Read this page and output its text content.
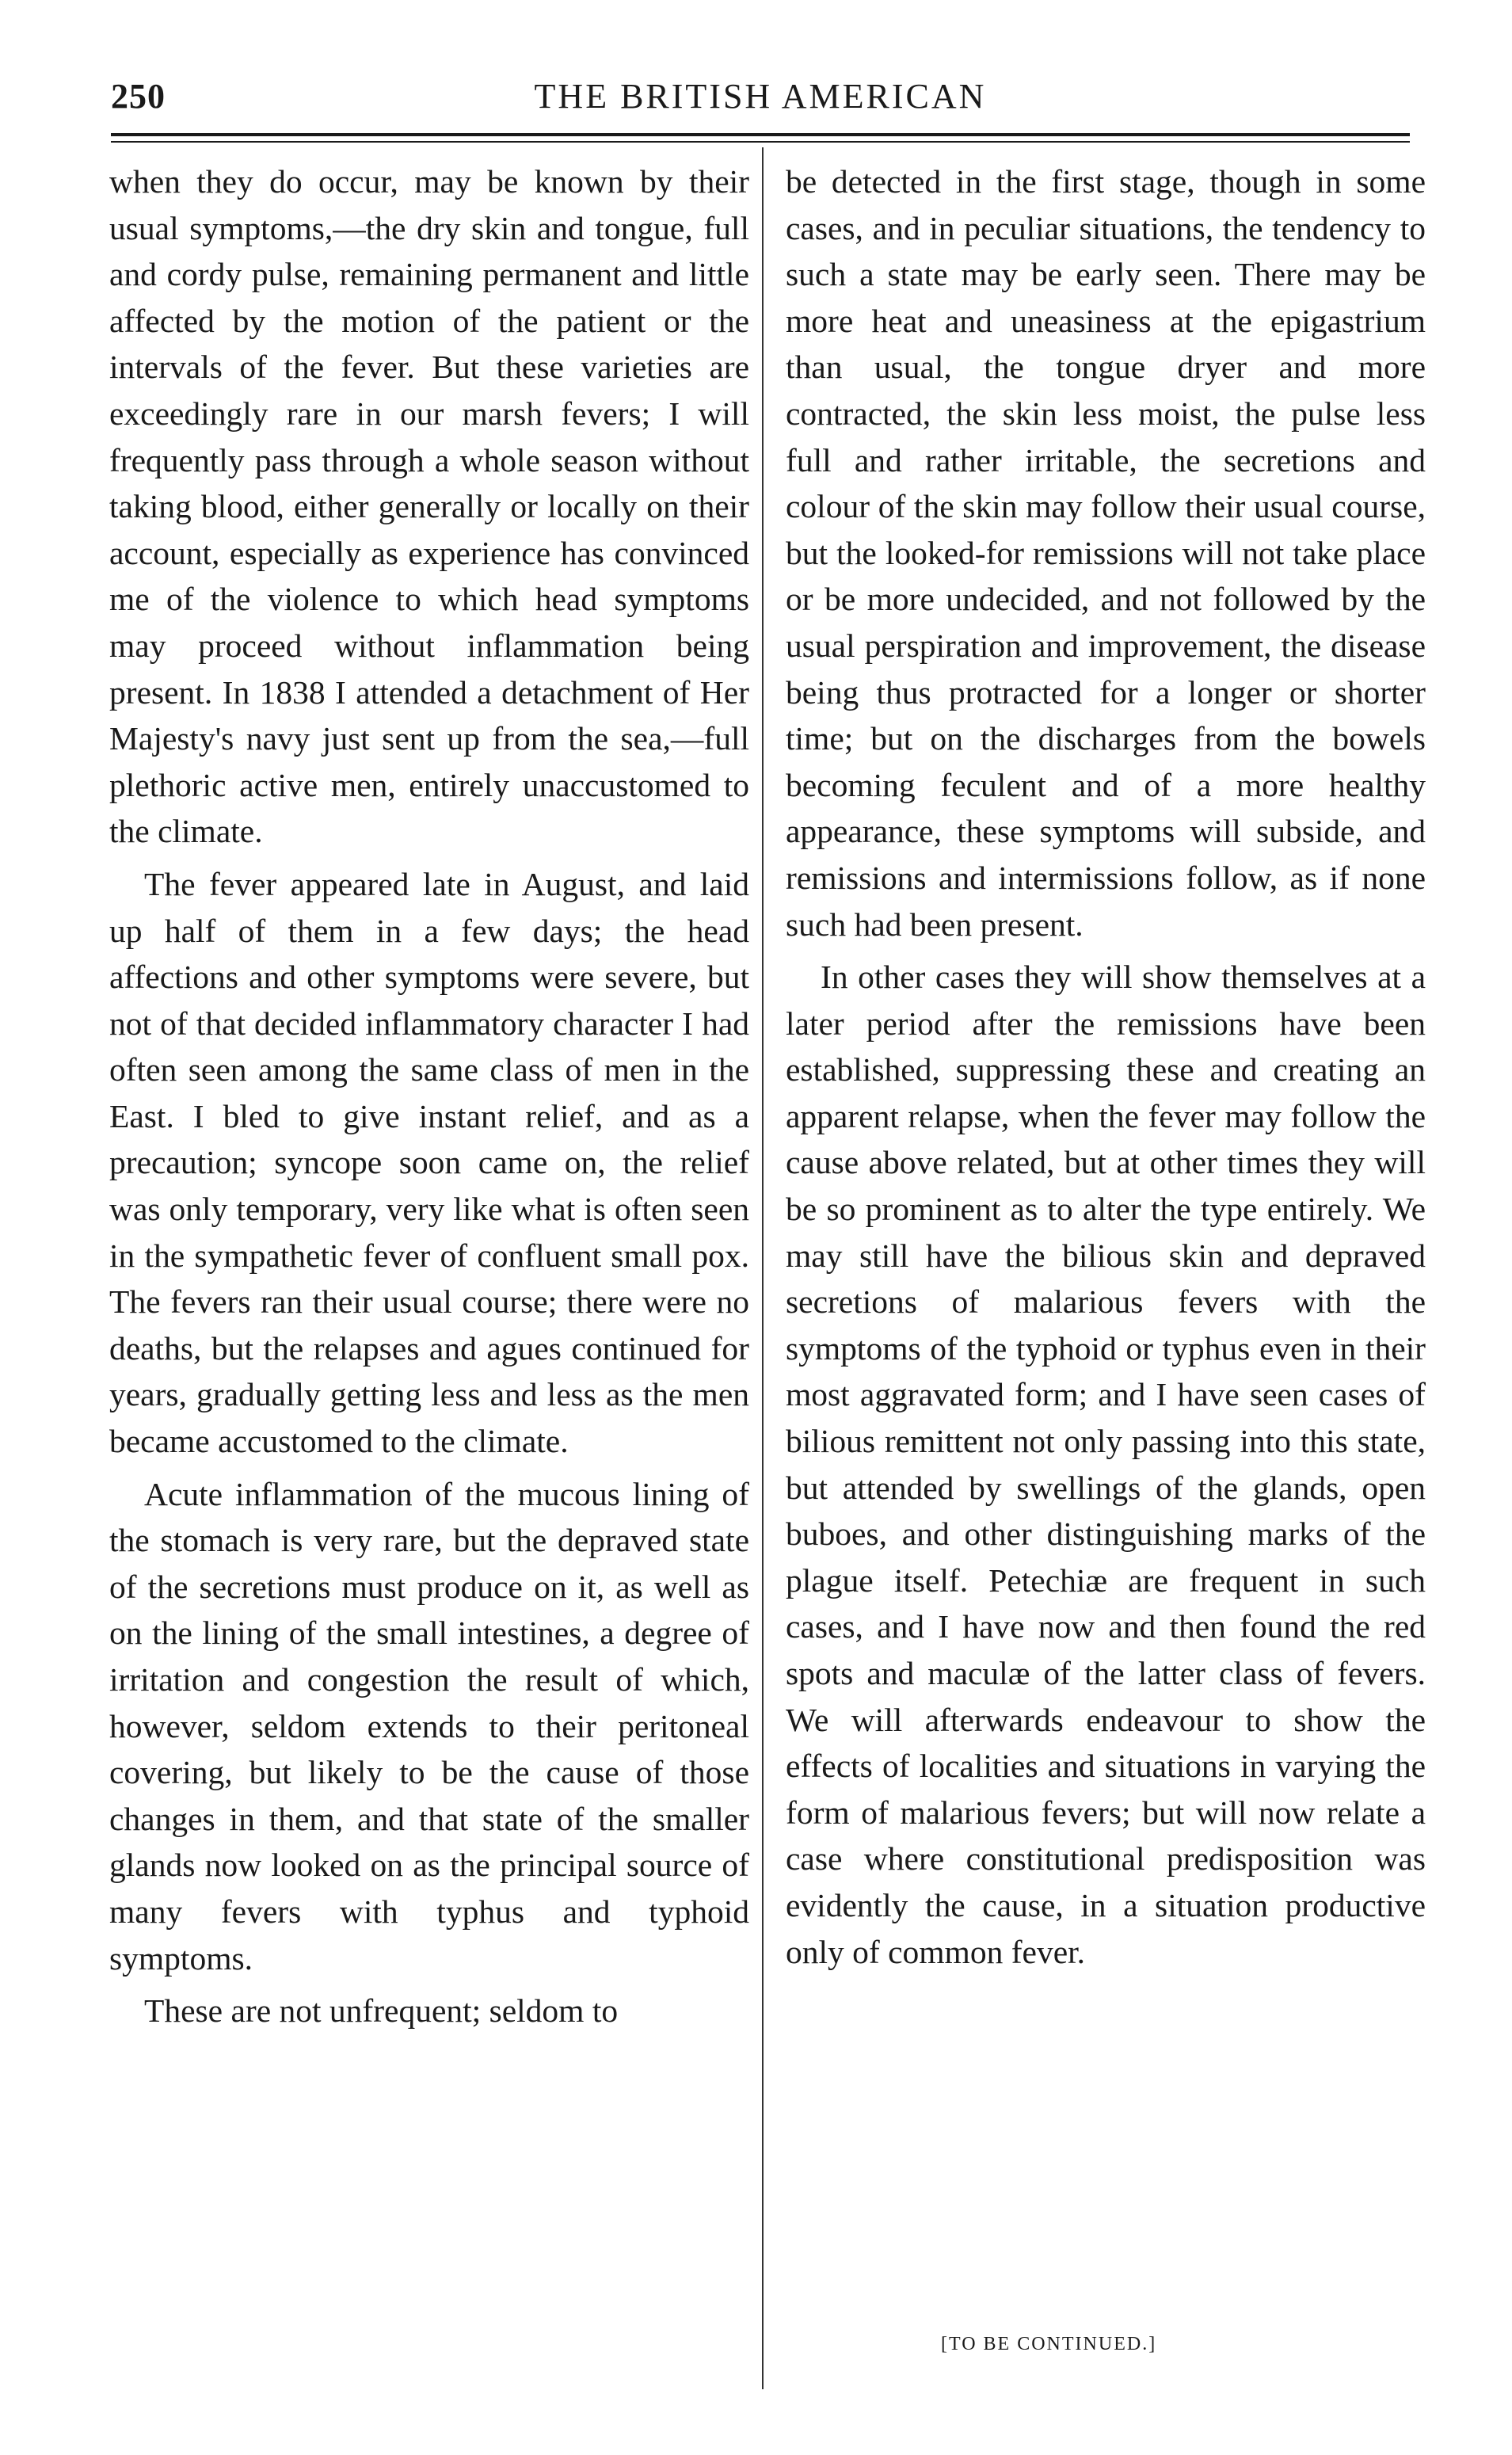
250	THE BRITISH AMERICAN

when they do occur, may be known by their usual symptoms,—the dry skin and tongue, full and cordy pulse, remaining permanent and little affected by the motion of the patient or the intervals of the fever. But these varieties are exceedingly rare in our marsh fevers; I will frequently pass through a whole season without taking blood, either generally or locally on their account, especially as experience has convinced me of the violence to which head symptoms may proceed without inflammation being present. In 1838 I attended a detachment of Her Majesty's navy just sent up from the sea,—full plethoric active men, entirely unaccustomed to the climate.

The fever appeared late in August, and laid up half of them in a few days; the head affections and other symptoms were severe, but not of that decided inflammatory character I had often seen among the same class of men in the East. I bled to give instant relief, and as a precaution; syncope soon came on, the relief was only temporary, very like what is often seen in the sympathetic fever of confluent small pox. The fevers ran their usual course; there were no deaths, but the relapses and agues continued for years, gradually getting less and less as the men became accustomed to the climate.

Acute inflammation of the mucous lining of the stomach is very rare, but the depraved state of the secretions must produce on it, as well as on the lining of the small intestines, a degree of irritation and congestion the result of which, however, seldom extends to their peritoneal covering, but likely to be the cause of those changes in them, and that state of the smaller glands now looked on as the principal source of many fevers with typhus and typhoid symptoms.

These are not unfrequent; seldom to

be detected in the first stage, though in some cases, and in peculiar situations, the tendency to such a state may be early seen. There may be more heat and uneasiness at the epigastrium than usual, the tongue dryer and more contracted, the skin less moist, the pulse less full and rather irritable, the secretions and colour of the skin may follow their usual course, but the looked-for remissions will not take place or be more undecided, and not followed by the usual perspiration and improvement, the disease being thus protracted for a longer or shorter time; but on the discharges from the bowels becoming feculent and of a more healthy appearance, these symptoms will subside, and remissions and intermissions follow, as if none such had been present.

In other cases they will show themselves at a later period after the remissions have been established, suppressing these and creating an apparent relapse, when the fever may follow the cause above related, but at other times they will be so prominent as to alter the type entirely. We may still have the bilious skin and depraved secretions of malarious fevers with the symptoms of the typhoid or typhus even in their most aggravated form; and I have seen cases of bilious remittent not only passing into this state, but attended by swellings of the glands, open buboes, and other distinguishing marks of the plague itself. Petechiæ are frequent in such cases, and I have now and then found the red spots and maculæ of the latter class of fevers. We will afterwards endeavour to show the effects of localities and situations in varying the form of malarious fevers; but will now relate a case where constitutional predisposition was evidently the cause, in a situation productive only of common fever.

[TO BE CONTINUED.]
